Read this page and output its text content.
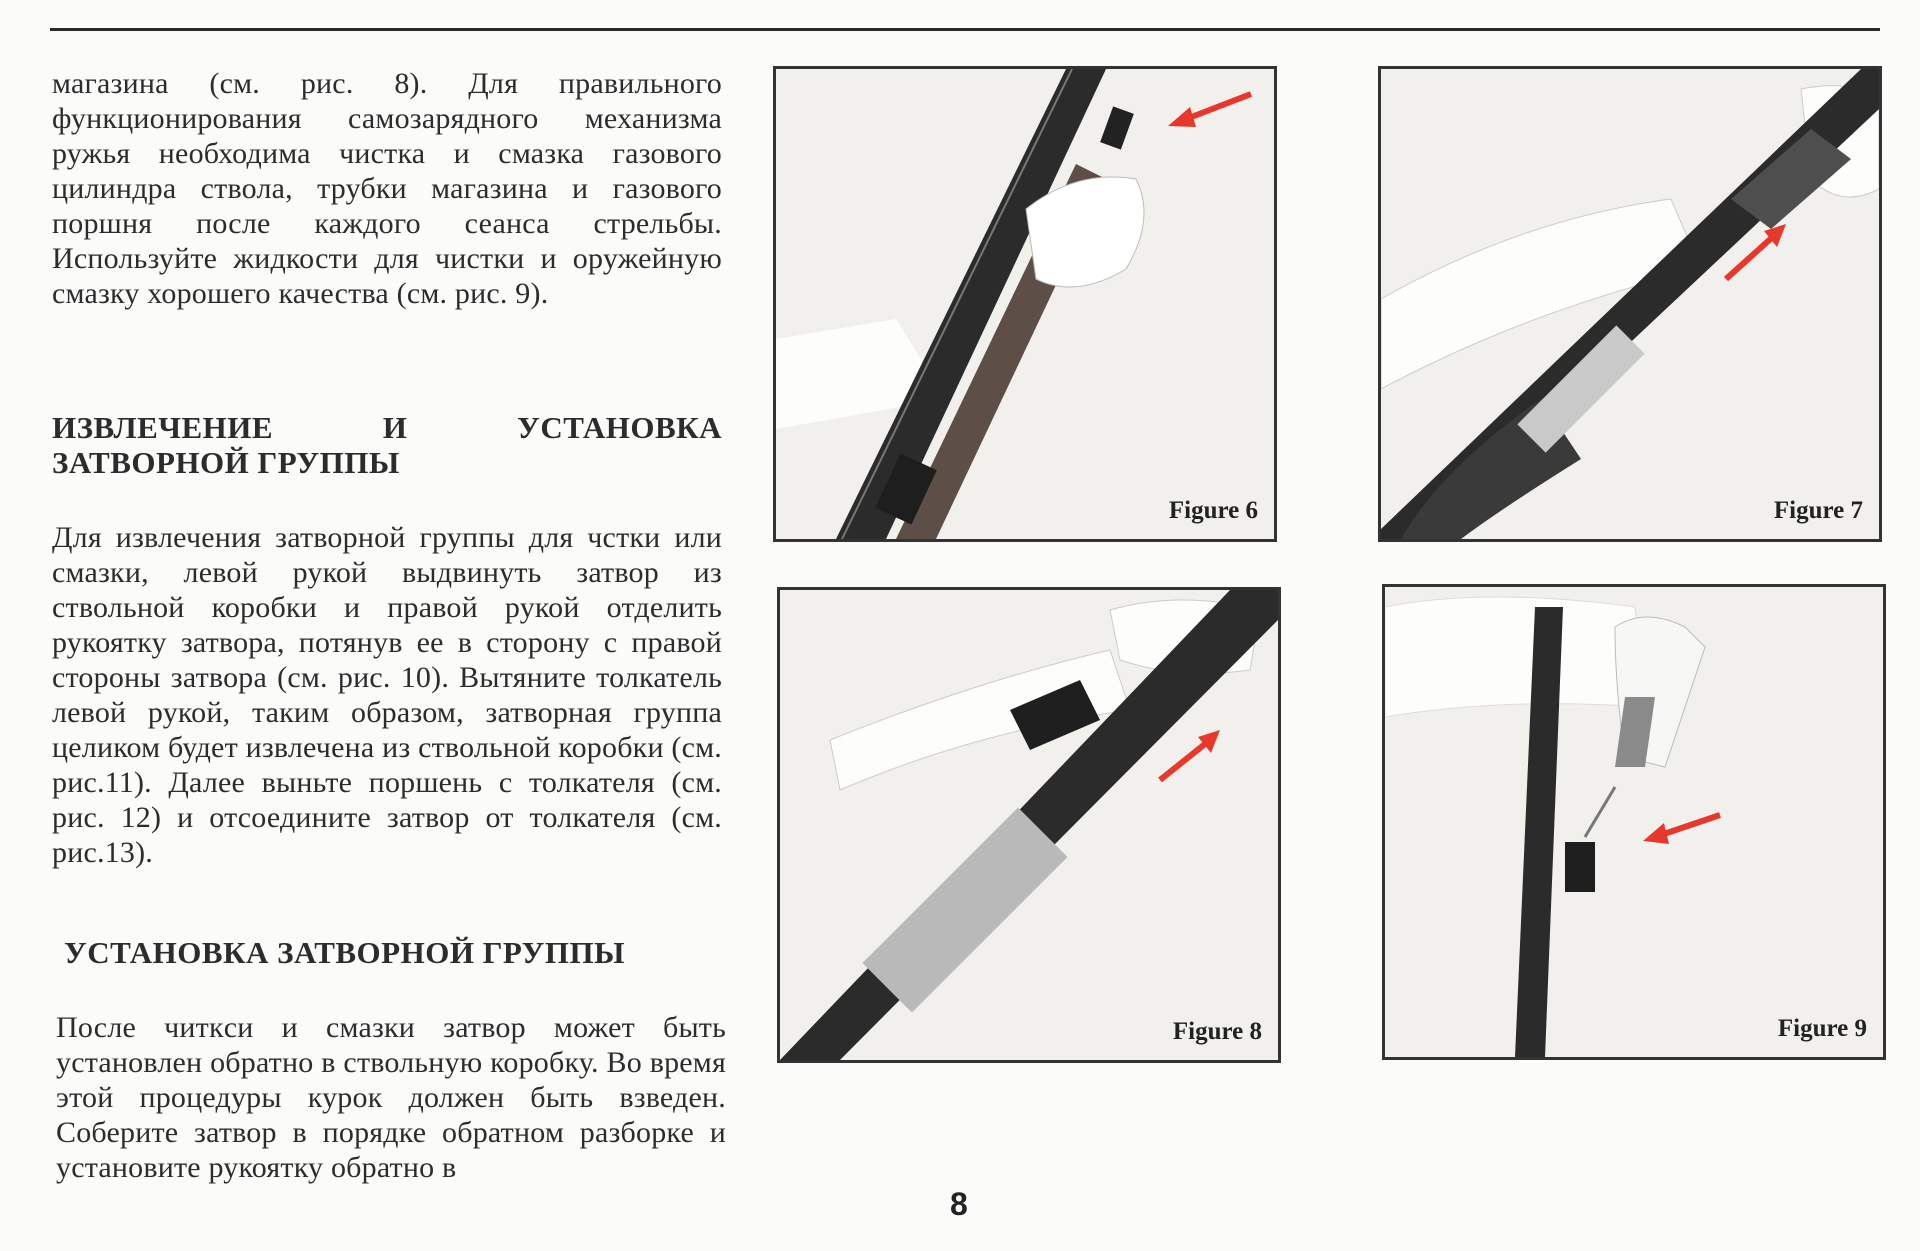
магазина (см. рис. 8). Для правильного функционирования самозарядного механизма ружья необходима чистка и смазка газового цилиндра ствола, трубки магазина и газового поршня после каждого сеанса стрельбы. Используйте жидкости для чистки и оружейную смазку хорошего качества (см. рис. 9).

ИЗВЛЕЧЕНИЕ И УСТАНОВКА ЗАТВОРНОЙ ГРУППЫ

Для извлечения затворной группы для чстки или смазки, левой рукой выдвинуть затвор из ствольной коробки и правой рукой отделить рукоятку затвора, потянув ее в сторону с правой стороны затвора (см. рис. 10). Вытяните толкатель левой рукой, таким образом, затворная группа целиком будет извлечена из ствольной коробки (см. рис.11). Далее выньте поршень с толкателя (см. рис. 12) и отсоедините затвор от толкателя (см. рис.13).

УСТАНОВКА ЗАТВОРНОЙ ГРУППЫ

После читкcи и смазки затвор может быть установлен обратно в ствольную коробку. Во время этой процедуры курок должен быть взведен. Соберите затвор в порядке обратном разборке и установите рукоятку обратно в

Figure 6	Figure 7
Figure 8	Figure 9
8
